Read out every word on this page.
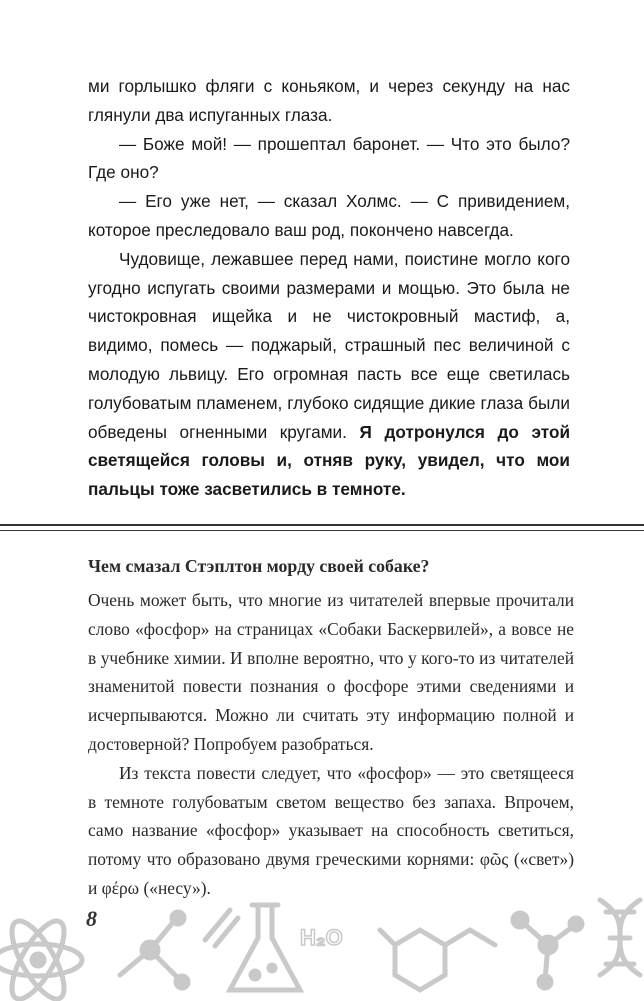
ми горлышко фляги с коньяком, и через секунду на нас глянули два испуганных глаза.

— Боже мой! — прошептал баронет. — Что это было? Где оно?

— Его уже нет, — сказал Холмс. — С привидением, которое преследовало ваш род, покончено навсегда.

Чудовище, лежавшее перед нами, поистине могло кого угодно испугать своими размерами и мощью. Это была не чистокровная ищейка и не чистокровный мастиф, а, видимо, помесь — поджарый, страшный пес величиной с молодую львицу. Его огромная пасть все еще светилась голубоватым пламенем, глубоко сидящие дикие глаза были обведены огненными кругами. Я дотронулся до этой светящейся головы и, отняв руку, увидел, что мои пальцы тоже засветились в темноте.

Чем смазал Стэплтон морду своей собаке?

Очень может быть, что многие из читателей впервые прочитали слово «фосфор» на страницах «Собаки Баскервилей», а вовсе не в учебнике химии. И вполне вероятно, что у кого-то из читателей знаменитой повести познания о фосфоре этими сведениями и исчерпываются. Можно ли считать эту информацию полной и достоверной? Попробуем разобраться.

Из текста повести следует, что «фосфор» — это светящееся в темноте голубоватым светом вещество без запаха. Впрочем, само название «фосфор» указывает на способность светиться, потому что образовано двумя греческими корнями: φῶς («свет») и φέρω («несу»).

8
H₂O
